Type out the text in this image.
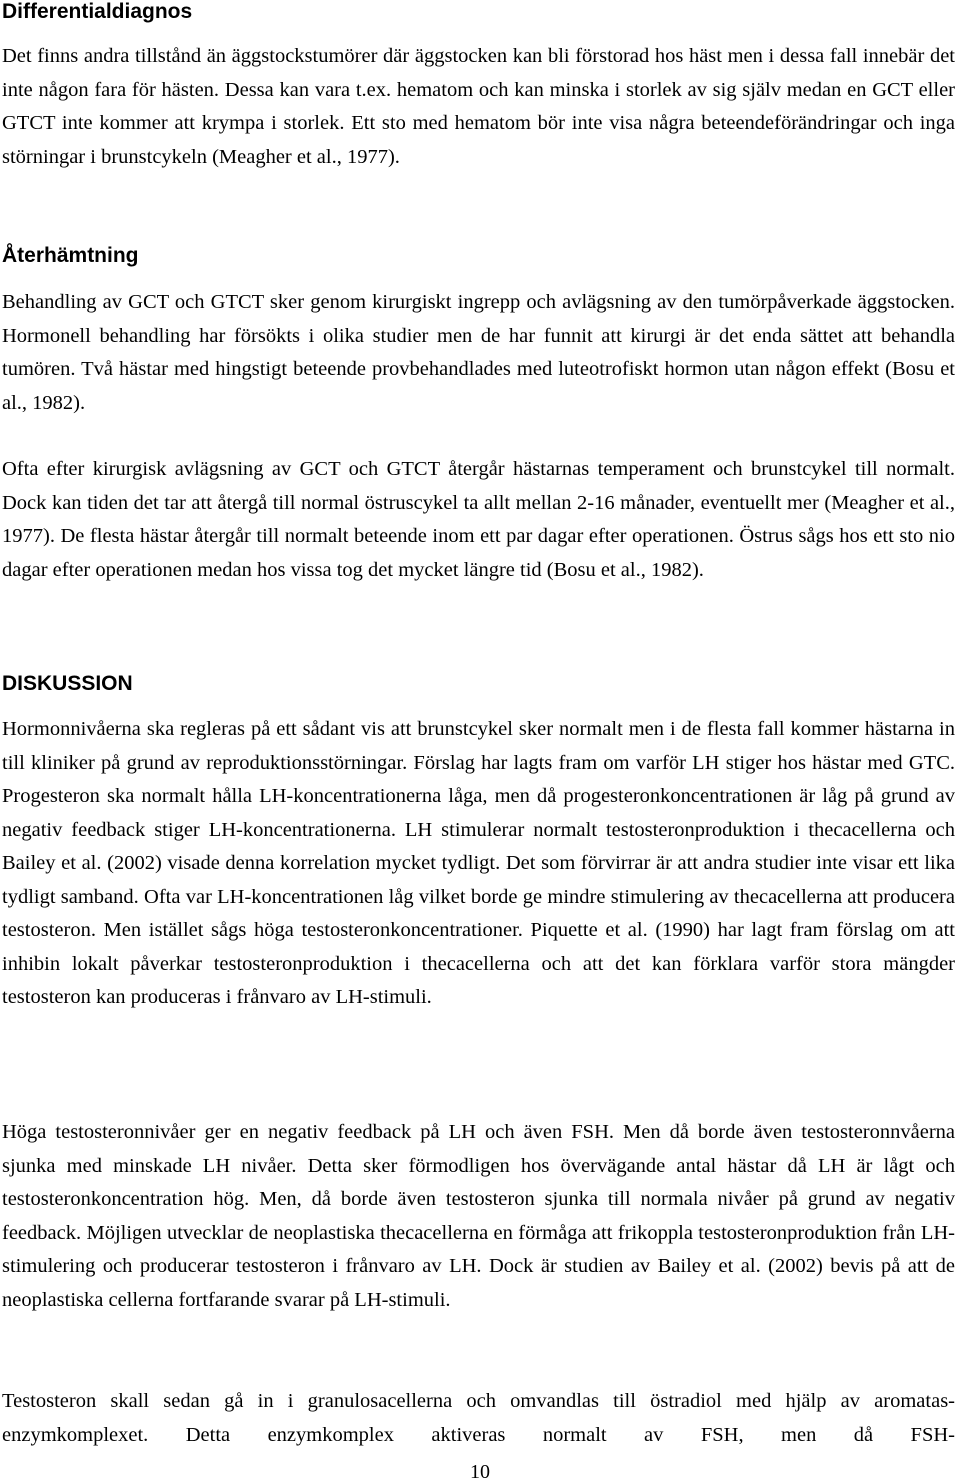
Differentialdiagnos

Det finns andra tillstånd än äggstockstumörer där äggstocken kan bli förstorad hos häst men i dessa fall innebär det inte någon fara för hästen. Dessa kan vara t.ex. hematom och kan minska i storlek av sig själv medan en GCT eller GTCT inte kommer att krympa i storlek. Ett sto med hematom bör inte visa några beteendeförändringar och inga störningar i brunstcykeln (Meagher et al., 1977).

Återhämtning

Behandling av GCT och GTCT sker genom kirurgiskt ingrepp och avlägsning av den tumörpåverkade äggstocken. Hormonell behandling har försökts i olika studier men de har funnit att kirurgi är det enda sättet att behandla tumören. Två hästar med hingstigt beteende provbehandlades med luteotrofiskt hormon utan någon effekt (Bosu et al., 1982).

Ofta efter kirurgisk avlägsning av GCT och GTCT återgår hästarnas temperament och brunstcykel till normalt. Dock kan tiden det tar att återgå till normal östruscykel ta allt mellan 2-16 månader, eventuellt mer (Meagher et al., 1977). De flesta hästar återgår till normalt beteende inom ett par dagar efter operationen. Östrus sågs hos ett sto nio dagar efter operationen medan hos vissa tog det mycket längre tid (Bosu et al., 1982).

DISKUSSION

Hormonnivåerna ska regleras på ett sådant vis att brunstcykel sker normalt men i de flesta fall kommer hästarna in till kliniker på grund av reproduktionsstörningar. Förslag har lagts fram om varför LH stiger hos hästar med GTC. Progesteron ska normalt hålla LH-koncentrationerna låga, men då progesteronkoncentrationen är låg på grund av negativ feedback stiger LH-koncentrationerna. LH stimulerar normalt testosteronproduktion i thecacellerna och Bailey et al. (2002) visade denna korrelation mycket tydligt. Det som förvirrar är att andra studier inte visar ett lika tydligt samband. Ofta var LH-koncentrationen låg vilket borde ge mindre stimulering av thecacellerna att producera testosteron. Men istället sågs höga testosteronkoncentrationer. Piquette et al. (1990) har lagt fram förslag om att inhibin lokalt påverkar testosteronproduktion i thecacellerna och att det kan förklara varför stora mängder testosteron kan produceras i frånvaro av LH-stimuli.

Höga testosteronnivåer ger en negativ feedback på LH och även FSH. Men då borde även testosteronnvåerna sjunka med minskade LH nivåer. Detta sker förmodligen hos övervägande antal hästar då LH är lågt och testosteronkoncentration hög. Men, då borde även testosteron sjunka till normala nivåer på grund av negativ feedback. Möjligen utvecklar de neoplastiska thecacellerna en förmåga att frikoppla testosteronproduktion från LH-stimulering och producerar testosteron i frånvaro av LH. Dock är studien av Bailey et al. (2002) bevis på att de neoplastiska cellerna fortfarande svarar på LH-stimuli.

Testosteron skall sedan gå in i granulosacellerna och omvandlas till östradiol med hjälp av aromatas-enzymkomplexet. Detta enzymkomplex aktiveras normalt av FSH, men då FSH-

10
